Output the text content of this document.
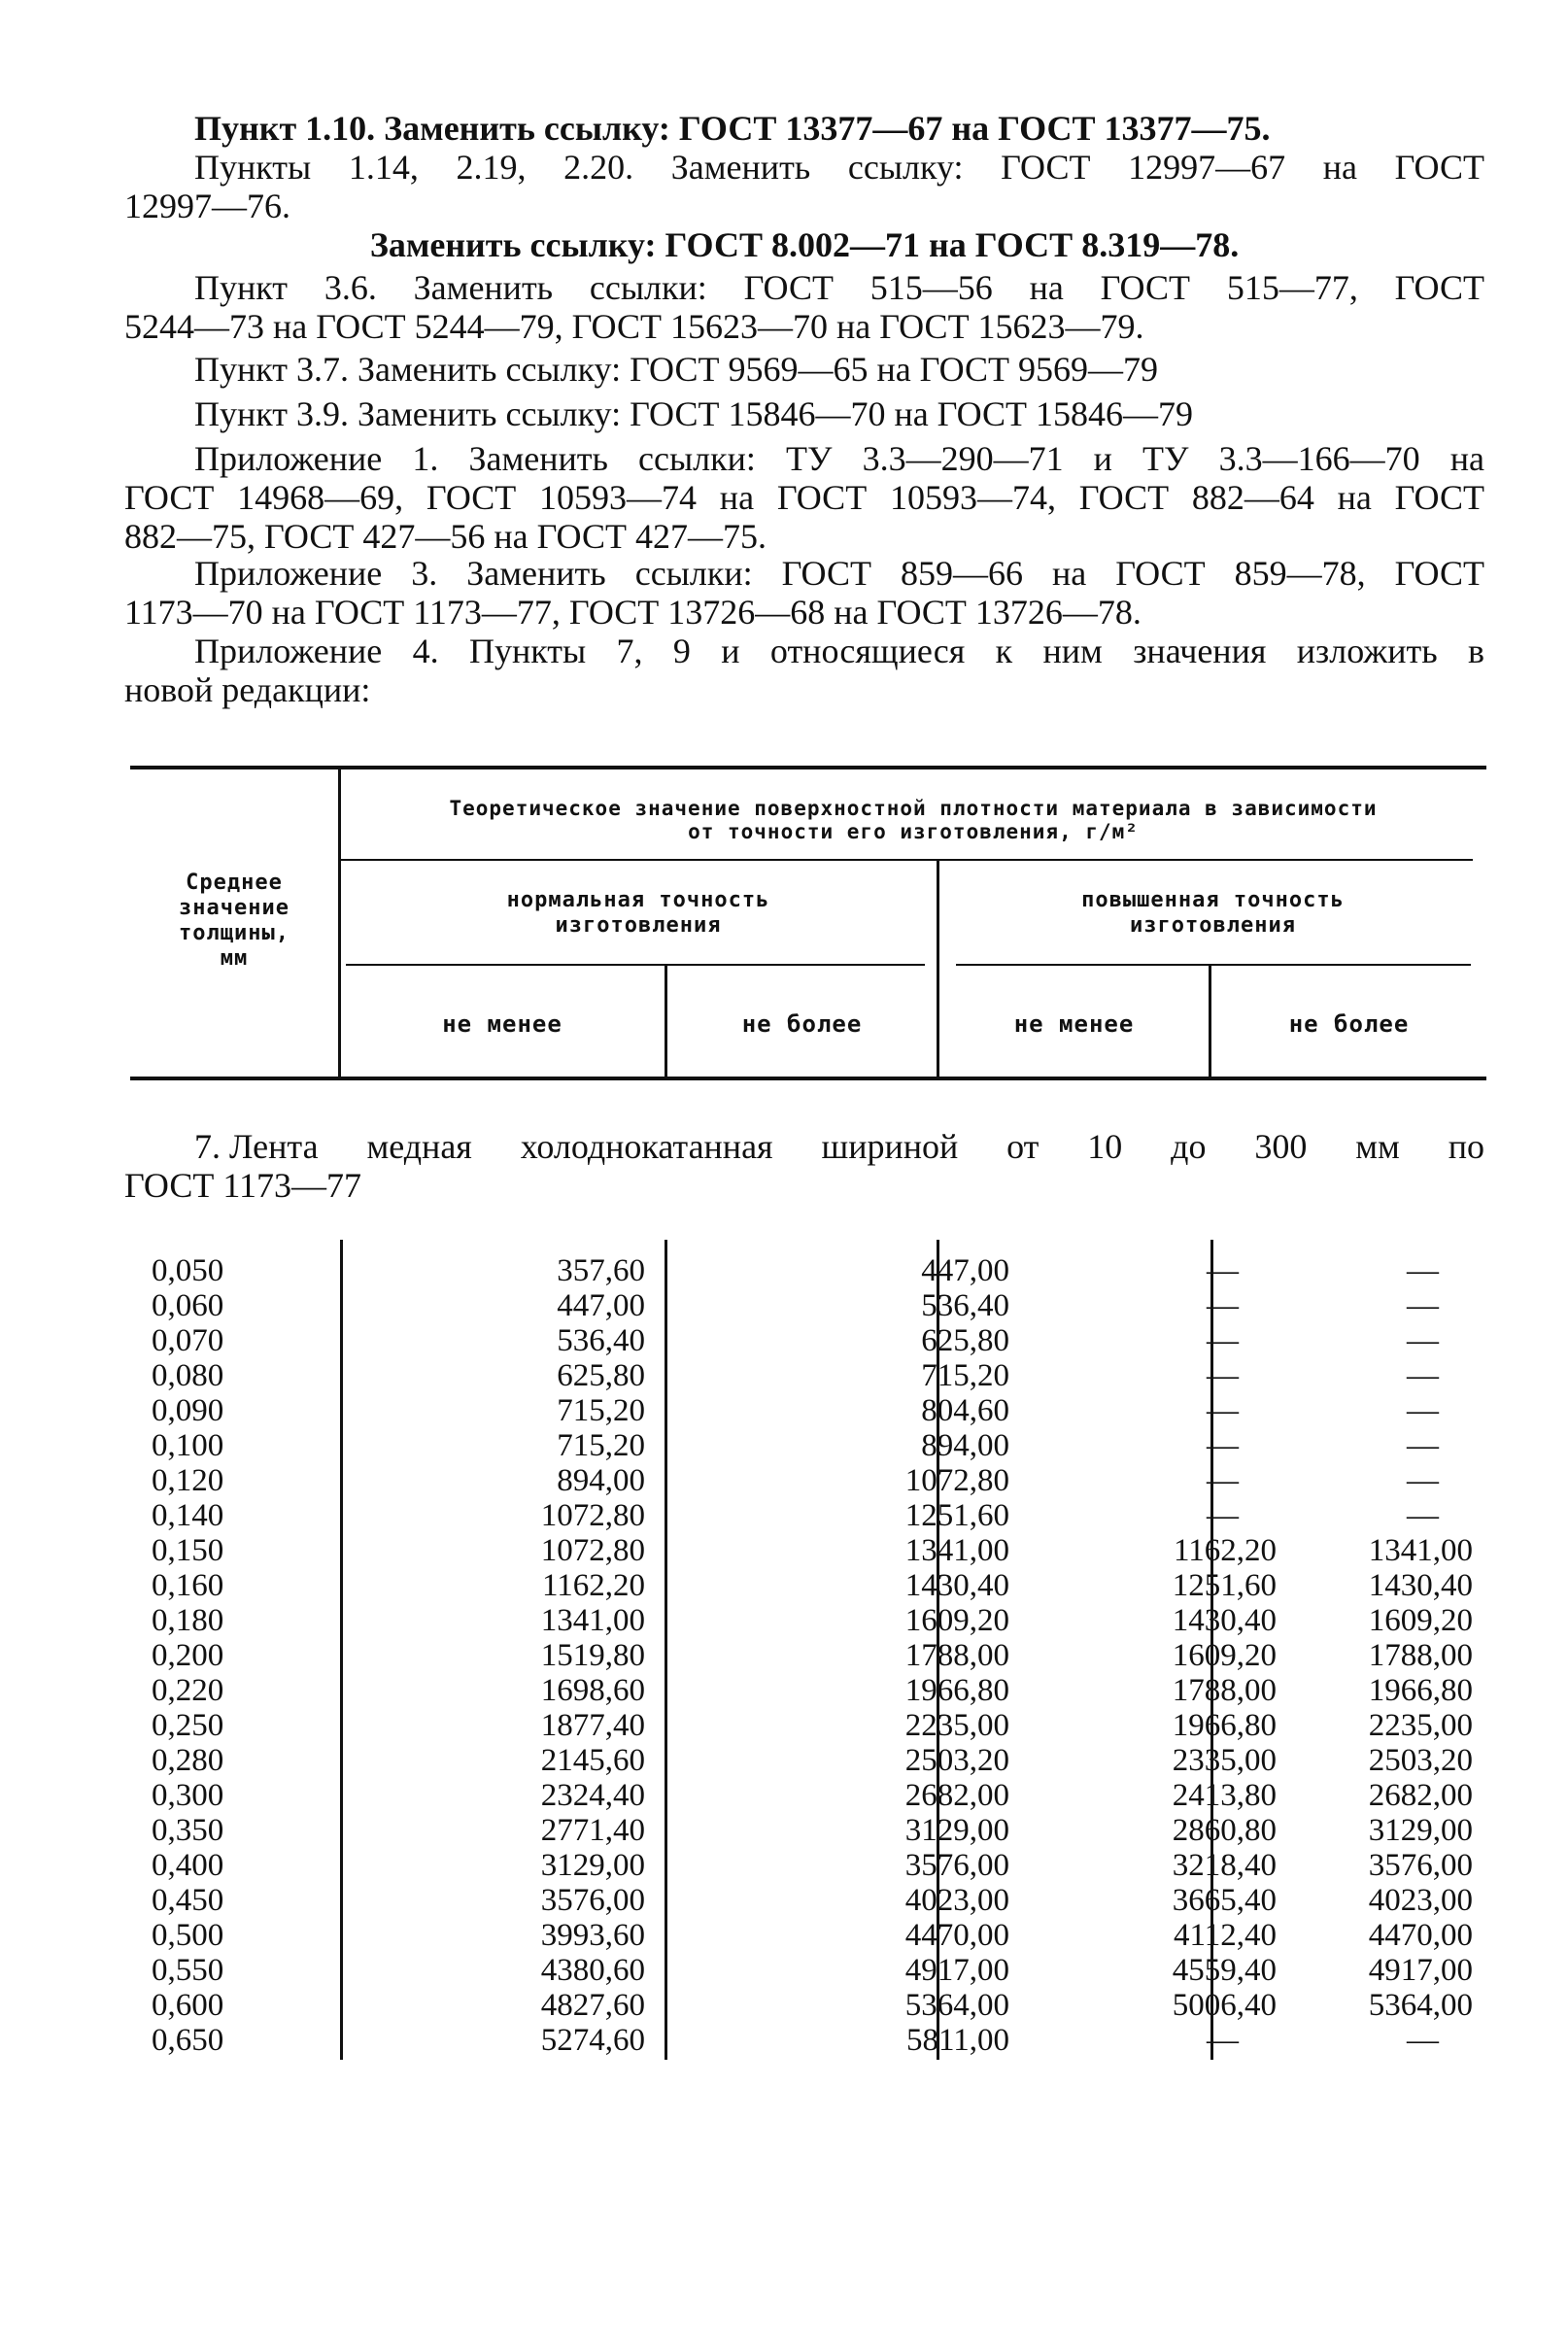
Пункт 1.10. Заменить ссылку: ГОСТ 13377—67 на ГОСТ 13377—75.

Пункты 1.14, 2.19, 2.20. Заменить ссылку: ГОСТ 12997—67 на ГОСТ
12997—76.

Заменить ссылку: ГОСТ 8.002—71 на ГОСТ 8.319—78.

Пункт 3.6. Заменить ссылки: ГОСТ 515—56 на ГОСТ 515—77, ГОСТ
5244—73 на ГОСТ 5244—79, ГОСТ 15623—70 на ГОСТ 15623—79.

Пункт 3.7. Заменить ссылку: ГОСТ 9569—65 на ГОСТ 9569—79

Пункт 3.9. Заменить ссылку: ГОСТ 15846—70 на ГОСТ 15846—79

Приложение 1. Заменить ссылки: ТУ 3.3—290—71 и ТУ 3.3—166—70 на
ГОСТ 14968—69, ГОСТ 10593—74 на ГОСТ 10593—74, ГОСТ 882—64 на ГОСТ
882—75, ГОСТ 427—56 на ГОСТ 427—75.

Приложение 3. Заменить ссылки: ГОСТ 859—66 на ГОСТ 859—78, ГОСТ
1173—70 на ГОСТ 1173—77, ГОСТ 13726—68 на ГОСТ 13726—78.

Приложение 4. Пункты 7, 9 и относящиеся к ним значения изложить в
новой редакции:

Среднее
значение
толщины,
мм
Теоретическое значение поверхностной плотности материала в зависимости
от точности его изготовления, г/м²
нормальная точность
изготовления
повышенная точность
изготовления
не менее	не более	не менее	не более
7. Лента медная холоднокатанная шириной от 10 до 300 мм по
ГОСТ 1173—77
0,050	357,60	447,00	—	—
0,060	447,00	536,40	—	—
0,070	536,40	625,80	—	—
0,080	625,80	715,20	—	—
0,090	715,20	804,60	—	—
0,100	715,20	894,00	—	—
0,120	894,00	1072,80	—	—
0,140	1072,80	1251,60	—	—
0,150	1072,80	1341,00	1162,20	1341,00
0,160	1162,20	1430,40	1251,60	1430,40
0,180	1341,00	1609,20	1430,40	1609,20
0,200	1519,80	1788,00	1609,20	1788,00
0,220	1698,60	1966,80	1788,00	1966,80
0,250	1877,40	2235,00	1966,80	2235,00
0,280	2145,60	2503,20	2335,00	2503,20
0,300	2324,40	2682,00	2413,80	2682,00
0,350	2771,40	3129,00	2860,80	3129,00
0,400	3129,00	3576,00	3218,40	3576,00
0,450	3576,00	4023,00	3665,40	4023,00
0,500	3993,60	4470,00	4112,40	4470,00
0,550	4380,60	4917,00	4559,40	4917,00
0,600	4827,60	5364,00	5006,40	5364,00
0,650	5274,60	5811,00	—	—
